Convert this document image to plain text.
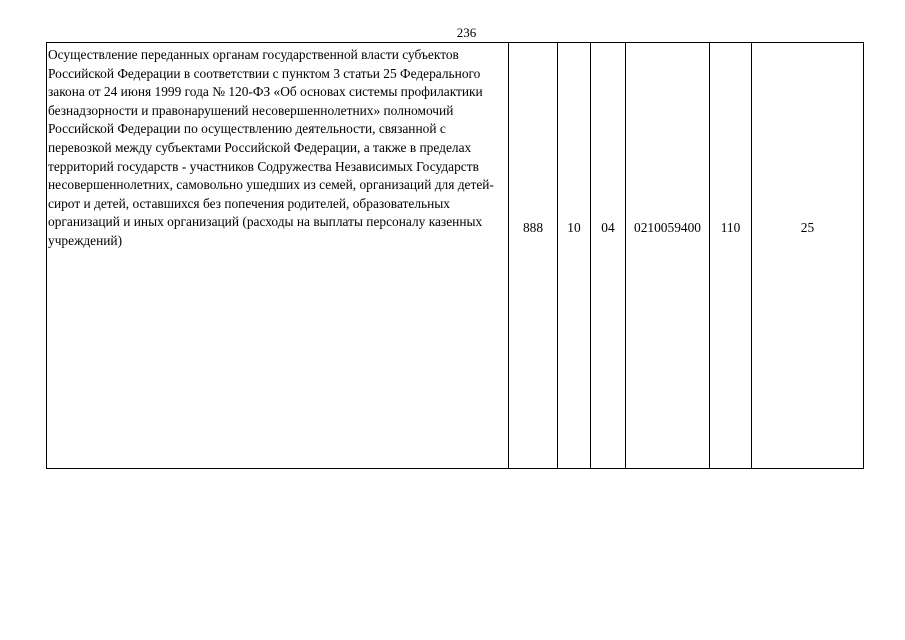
236
Осуществление переданных органам государственной власти субъектов Российской Федерации в соответствии с пунктом 3 статьи 25 Федерального закона от 24 июня 1999 года № 120-ФЗ «Об основах системы профилактики безнадзорности и правонарушений несовершеннолетних» полномочий Российской Федерации по осуществлению деятельности, связанной с перевозкой между субъектами Российской Федерации, а также в пределах территорий государств - участников Содружества Независимых Государств несовершеннолетних, самовольно ушедших из семей, организаций для детей-сирот и детей, оставшихся без попечения родителей, образовательных организаций и иных организаций (расходы на выплаты персоналу казенных учреждений)	888	10	04	0210059400	110	25
